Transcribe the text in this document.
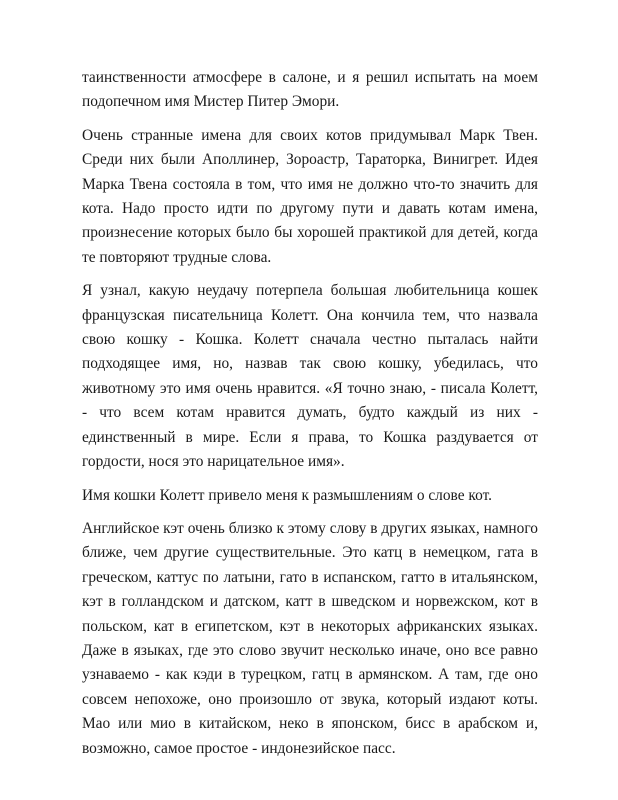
таинственности атмосфере в салоне, и я решил испытать на моем подопечном имя Мистер Питер Эмори.

Очень странные имена для своих котов придумывал Марк Твен. Среди них были Аполлинер, Зороастр, Тараторка, Винигрет. Идея Марка Твена состояла в том, что имя не должно что-то значить для кота. Надо просто идти по другому пути и давать котам имена, произнесение которых было бы хорошей практикой для детей, когда те повторяют трудные слова.

Я узнал, какую неудачу потерпела большая любительница кошек французская писательница Колетт. Она кончила тем, что назвала свою кошку - Кошка. Колетт сначала честно пыталась найти подходящее имя, но, назвав так свою кошку, убедилась, что животному это имя очень нравится. «Я точно знаю, - писала Колетт, - что всем котам нравится думать, будто каждый из них - единственный в мире. Если я права, то Кошка раздувается от гордости, нося это нарицательное имя».

Имя кошки Колетт привело меня к размышлениям о слове кот.

Английское кэт очень близко к этому слову в других языках, намного ближе, чем другие существительные. Это катц в немецком, гата в греческом, каттус по латыни, гато в испанском, гатто в итальянском, кэт в голландском и датском, катт в шведском и норвежском, кот в польском, кат в египетском, кэт в некоторых африканских языках. Даже в языках, где это слово звучит несколько иначе, оно все равно узнаваемо - как кэди в турецком, гатц в армянском. А там, где оно совсем непохоже, оно произошло от звука, который издают коты. Мао или мио в китайском, неко в японском, бисс в арабском и, возможно, самое простое - индонезийское пасс.
